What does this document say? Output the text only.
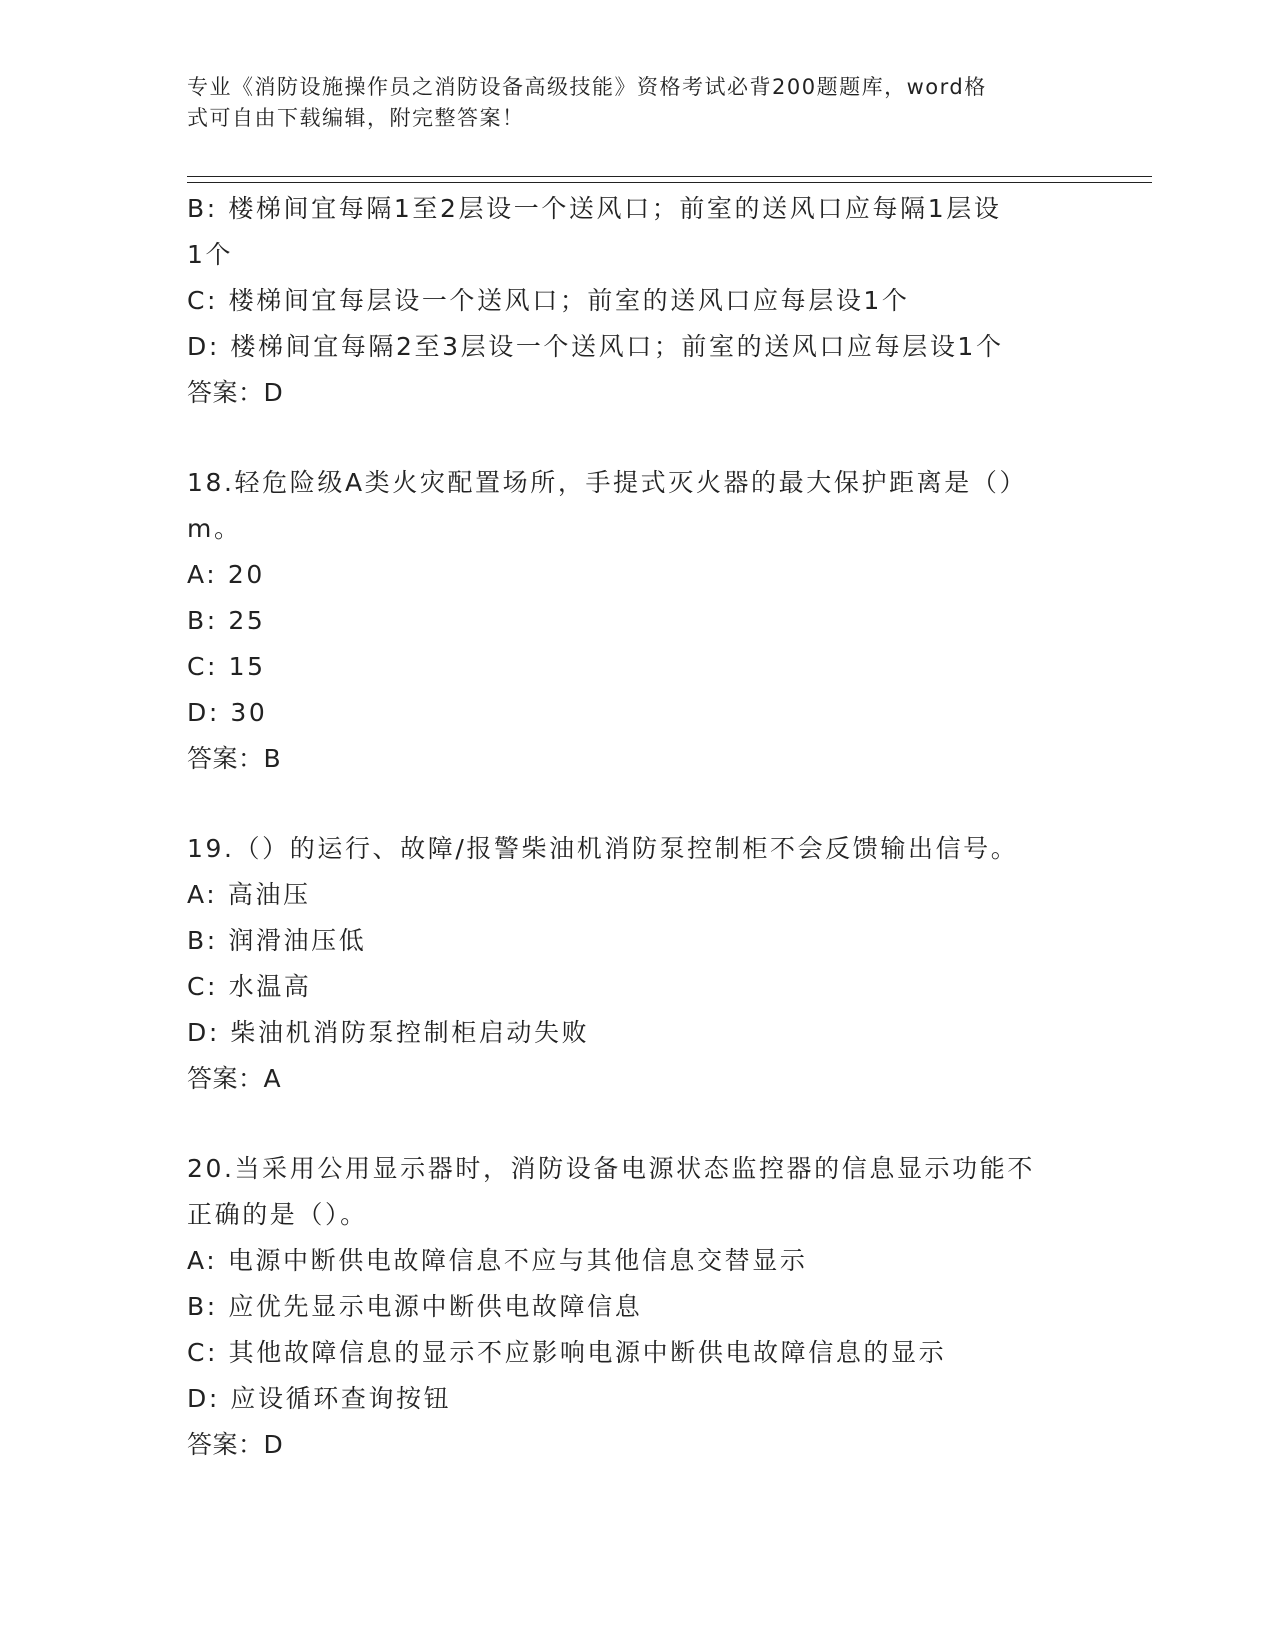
专业《消防设施操作员之消防设备高级技能》资格考试必背200题题库，word格
式可自由下载编辑，附完整答案！
B: 楼梯间宜每隔1至2层设一个送风口；前室的送风口应每隔1层设
1个
C: 楼梯间宜每层设一个送风口；前室的送风口应每层设1个
D: 楼梯间宜每隔2至3层设一个送风口；前室的送风口应每层设1个
答案：D
18.轻危险级A类火灾配置场所，手提式灭火器的最大保护距离是（）
m。
A: 20
B: 25
C: 15
D: 30
答案：B
19.（）的运行、故障/报警柴油机消防泵控制柜不会反馈输出信号。
A: 高油压
B: 润滑油压低
C: 水温高
D: 柴油机消防泵控制柜启动失败
答案：A
20.当采用公用显示器时，消防设备电源状态监控器的信息显示功能不
正确的是（）。
A: 电源中断供电故障信息不应与其他信息交替显示
B: 应优先显示电源中断供电故障信息
C: 其他故障信息的显示不应影响电源中断供电故障信息的显示
D: 应设循环查询按钮
答案：D
